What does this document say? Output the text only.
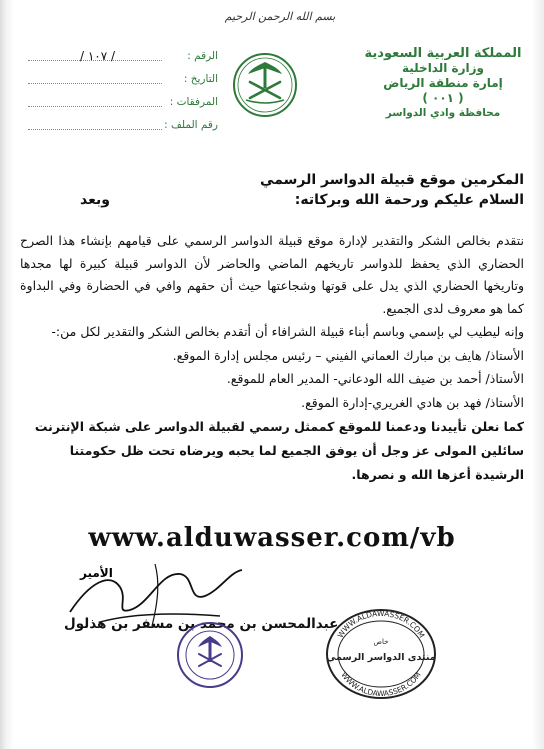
بسم الله الرحمن الرحيم
المملكة العربية السعودية
وزارة الداخلية
إمارة منطقة الرياض
( ٠٠١ )
محافظة وادي الدواسر
الرقم :
/ ١٠٧ /
التاريخ :
المرفقات :
رقم الملف :
المكرمين موقع قبيلة الدواسر الرسمي
السلام عليكم ورحمة الله وبركاته:
وبعد
نتقدم بخالص الشكر والتقدير لإدارة موقع قبيلة الدواسر الرسمي على قيامهم بإنشاء هذا الصرح الحضاري الذي يحفظ للدواسر تاريخهم الماضي والحاضر لأن الدواسر قبيلة كبيرة لها مجدها وتاريخها الحضاري الذي يدل على قوتها وشجاعتها حيث أن حقهم وافي في الحضارة وفي البداوة كما هو معروف لدى الجميع.
وإنه ليطيب لي بإسمي وباسم أبناء قبيلة الشرافاء أن أتقدم بخالص الشكر والتقدير لكل من:-
الأستاذ/ هايف بن مبارك العماني الفيني – رئيس مجلس إدارة الموقع.
الأستاذ/ أحمد بن ضيف الله الودعاني- المدير العام للموقع.
الأستاذ/ فهد بن هادي الغريري-إدارة الموقع.
كما نعلن تأييدنا ودعمنا للموقع كممثل رسمي لقبيلة الدواسر على شبكة الإنترنت سائلين المولى عز وجل أن يوفق الجميع لما يحبه ويرضاه تحت ظل حكومتنا الرشيدة أعزها الله و نصرها.
www.alduwasser.com/vb
الأمير
عبدالمحسن بن محمد بن مسفر بن هذلول
WWW.ALDAWASSER.COM
WWW.ALDAWASSER.COM
خاص
منتدى الدواسر الرسمي
